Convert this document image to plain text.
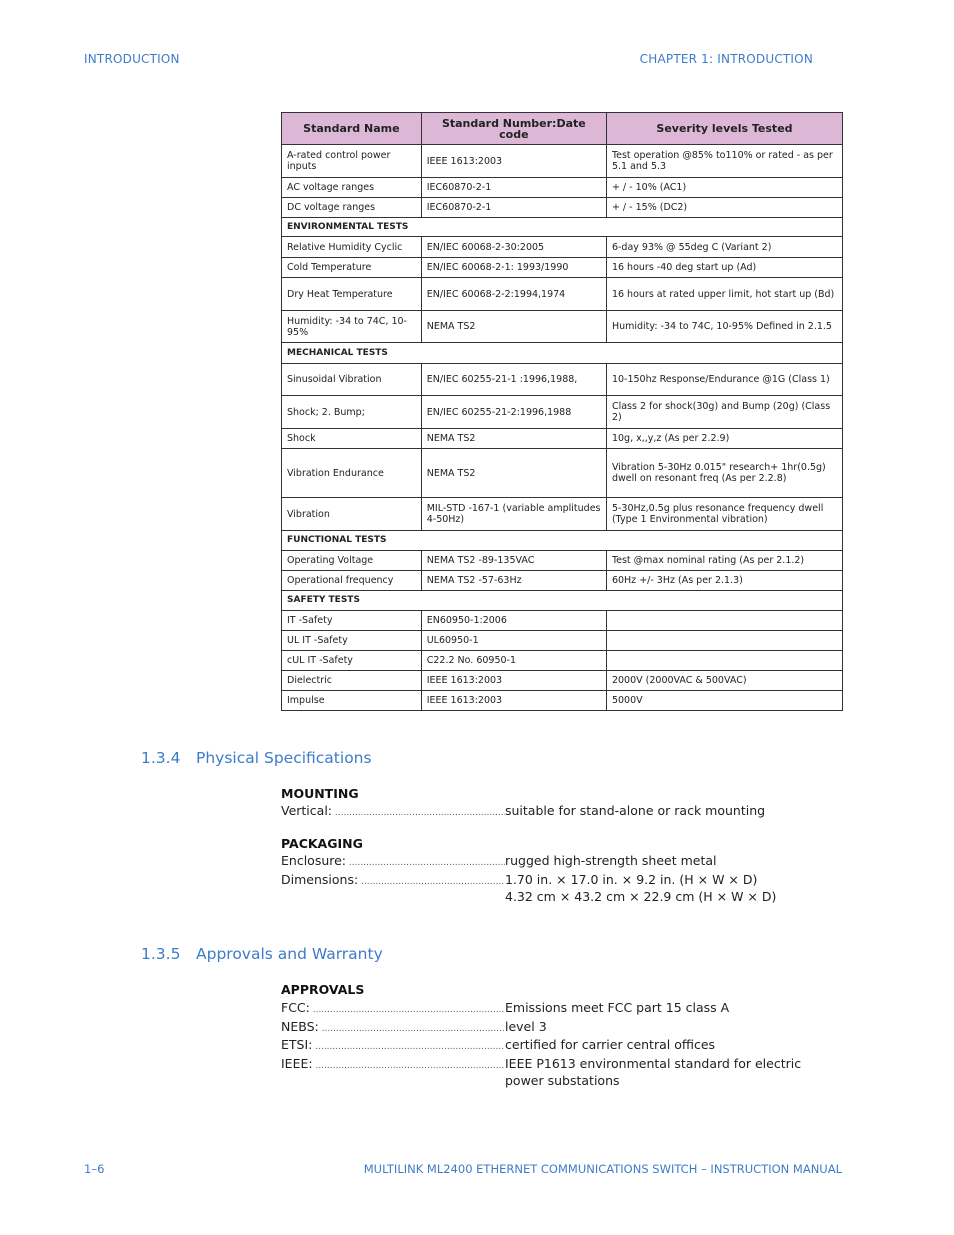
INTRODUCTION	CHAPTER 1: INTRODUCTION
Standard Name	Standard Number:Date code	Severity levels Tested
A-rated control power inputs	IEEE 1613:2003	Test operation @85% to110% or rated - as per 5.1 and 5.3
AC voltage ranges	IEC60870-2-1	+ / - 10% (AC1)
DC voltage ranges	IEC60870-2-1	+ / - 15% (DC2)
ENVIRONMENTAL TESTS		
Relative Humidity Cyclic	EN/IEC 60068-2-30:2005	6-day 93% @ 55deg C (Variant 2)
Cold Temperature	EN/IEC 60068-2-1: 1993/1990	16 hours -40 deg start up (Ad)
Dry Heat Temperature	EN/IEC 60068-2-2:1994,1974	16 hours at rated upper limit, hot start up (Bd)
Humidity: -34 to 74C, 10-95%	NEMA TS2	Humidity: -34 to 74C, 10-95% Defined in 2.1.5
MECHANICAL TESTS		
Sinusoidal Vibration	EN/IEC 60255-21-1 :1996,1988,	10-150hz Response/Endurance @1G (Class 1)
Shock; 2. Bump;	EN/IEC 60255-21-2:1996,1988	Class 2 for shock(30g) and Bump (20g) (Class 2)
Shock	NEMA TS2	10g, x,,y,z (As per 2.2.9)
Vibration Endurance	NEMA TS2	Vibration 5-30Hz 0.015" research+ 1hr(0.5g) dwell on resonant freq (As per 2.2.8)
Vibration	MIL-STD -167-1 (variable amplitudes 4-50Hz)	5-30Hz,0.5g plus resonance frequency dwell (Type 1 Environmental vibration)
FUNCTIONAL TESTS		
Operating Voltage	NEMA TS2 -89-135VAC	Test @max nominal rating (As per 2.1.2)
Operational frequency	NEMA TS2 -57-63Hz	60Hz +/- 3Hz (As per 2.1.3)
SAFETY TESTS		
IT -Safety	EN60950-1:2006	
UL IT -Safety	UL60950-1	
cUL IT -Safety	C22.2 No. 60950-1	
Dielectric	IEEE 1613:2003	2000V (2000VAC & 500VAC)
Impulse	IEEE 1613:2003	5000V
1.3.4 Physical Specifications
MOUNTING
Vertical: .....	suitable for stand-alone or rack mounting
PACKAGING
Enclosure: .....	rugged high-strength sheet metal
Dimensions: .....	1.70 in. × 17.0 in. × 9.2 in. (H × W × D)
4.32 cm × 43.2 cm × 22.9 cm (H × W × D)
1.3.5 Approvals and Warranty
APPROVALS
FCC: .....	Emissions meet FCC part 15 class A
NEBS: .....	level 3
ETSI: .....	certified for carrier central offices
IEEE: .....	IEEE P1613 environmental standard for electric power substations
1–6	MULTILINK ML2400 ETHERNET COMMUNICATIONS SWITCH – INSTRUCTION MANUAL
